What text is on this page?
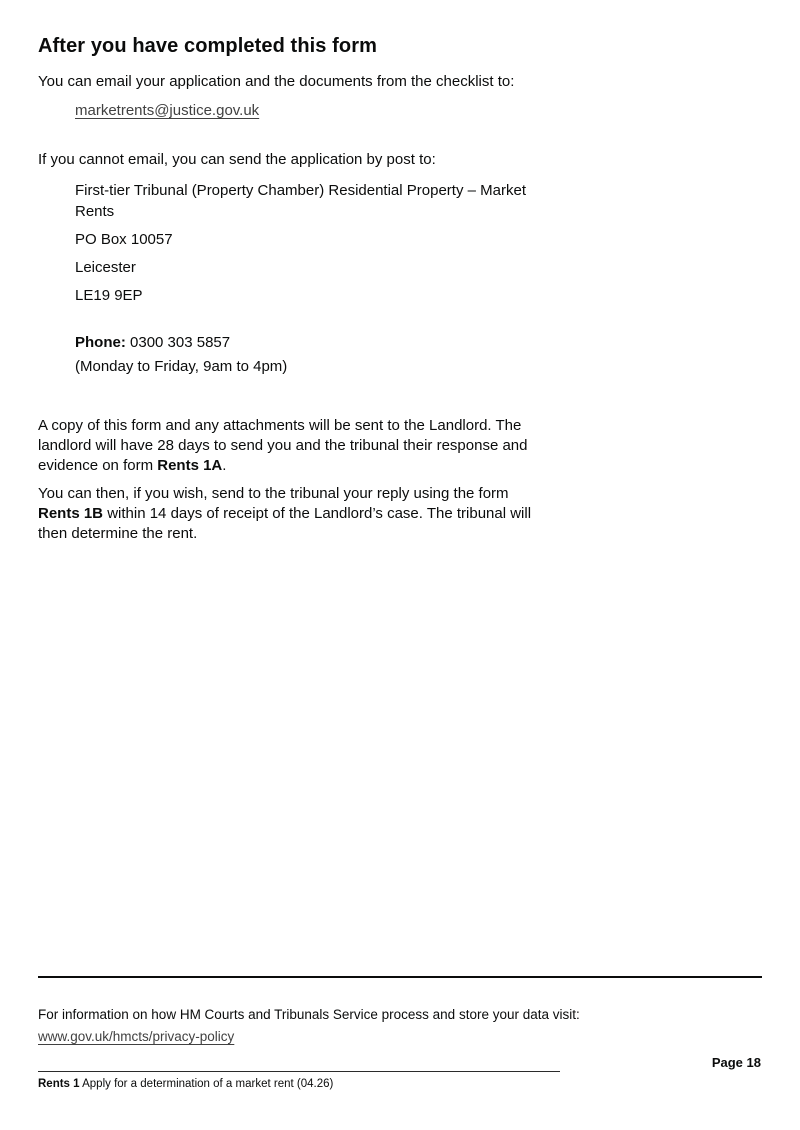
After you have completed this form

You can email your application and the documents from the checklist to:

marketrents@justice.gov.uk

If you cannot email, you can send the application by post to:

First-tier Tribunal (Property Chamber) Residential Property – Market Rents
PO Box 10057
Leicester
LE19 9EP
Phone: 0300 303 5857
(Monday to Friday, 9am to 4pm)

A copy of this form and any attachments will be sent to the Landlord. The landlord will have 28 days to send you and the tribunal their response and evidence on form Rents 1A.

You can then, if you wish, send to the tribunal your reply using the form Rents 1B within 14 days of receipt of the Landlord’s case. The tribunal will then determine the rent.

For information on how HM Courts and Tribunals Service process and store your data visit:
www.gov.uk/hmcts/privacy-policy
Page 18
Rents 1 Apply for a determination of a market rent (04.26)
